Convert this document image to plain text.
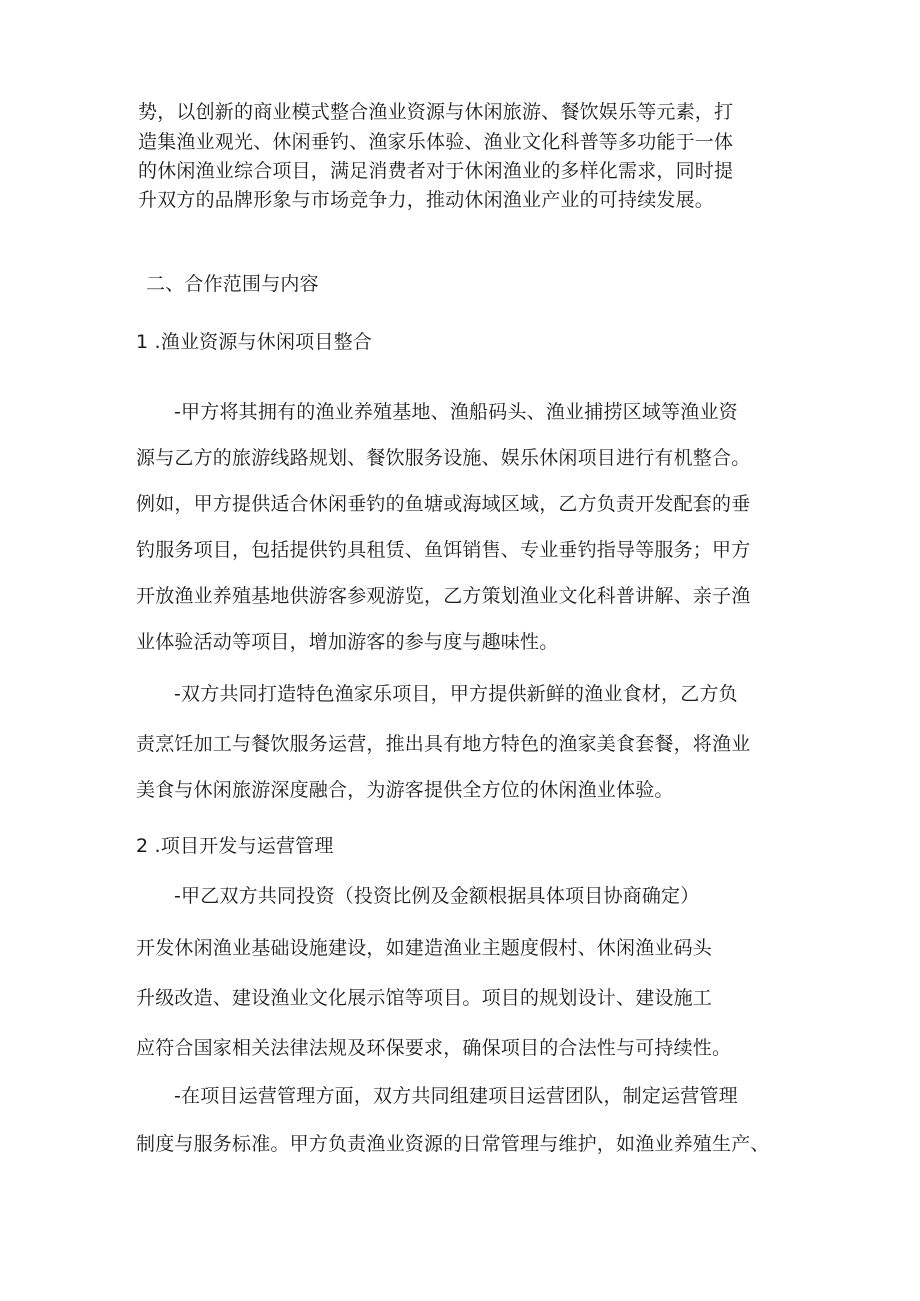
势，以创新的商业模式整合渔业资源与休闲旅游、餐饮娱乐等元素，打
造集渔业观光、休闲垂钓、渔家乐体验、渔业文化科普等多功能于一体
的休闲渔业综合项目，满足消费者对于休闲渔业的多样化需求，同时提
升双方的品牌形象与市场竞争力，推动休闲渔业产业的可持续发展。
二、合作范围与内容
1 .渔业资源与休闲项目整合
-甲方将其拥有的渔业养殖基地、渔船码头、渔业捕捞区域等渔业资
源与乙方的旅游线路规划、餐饮服务设施、娱乐休闲项目进行有机整合。
例如，甲方提供适合休闲垂钓的鱼塘或海域区域，乙方负责开发配套的垂
钓服务项目，包括提供钓具租赁、鱼饵销售、专业垂钓指导等服务；甲方
开放渔业养殖基地供游客参观游览，乙方策划渔业文化科普讲解、亲子渔
业体验活动等项目，增加游客的参与度与趣味性。
-双方共同打造特色渔家乐项目，甲方提供新鲜的渔业食材，乙方负
责烹饪加工与餐饮服务运营，推出具有地方特色的渔家美食套餐，将渔业
美食与休闲旅游深度融合，为游客提供全方位的休闲渔业体验。
2 .项目开发与运营管理
-甲乙双方共同投资（投资比例及金额根据具体项目协商确定）
开发休闲渔业基础设施建设，如建造渔业主题度假村、休闲渔业码头
升级改造、建设渔业文化展示馆等项目。项目的规划设计、建设施工
应符合国家相关法律法规及环保要求，确保项目的合法性与可持续性。
-在项目运营管理方面，双方共同组建项目运营团队，制定运营管理
制度与服务标准。甲方负责渔业资源的日常管理与维护，如渔业养殖生产、
